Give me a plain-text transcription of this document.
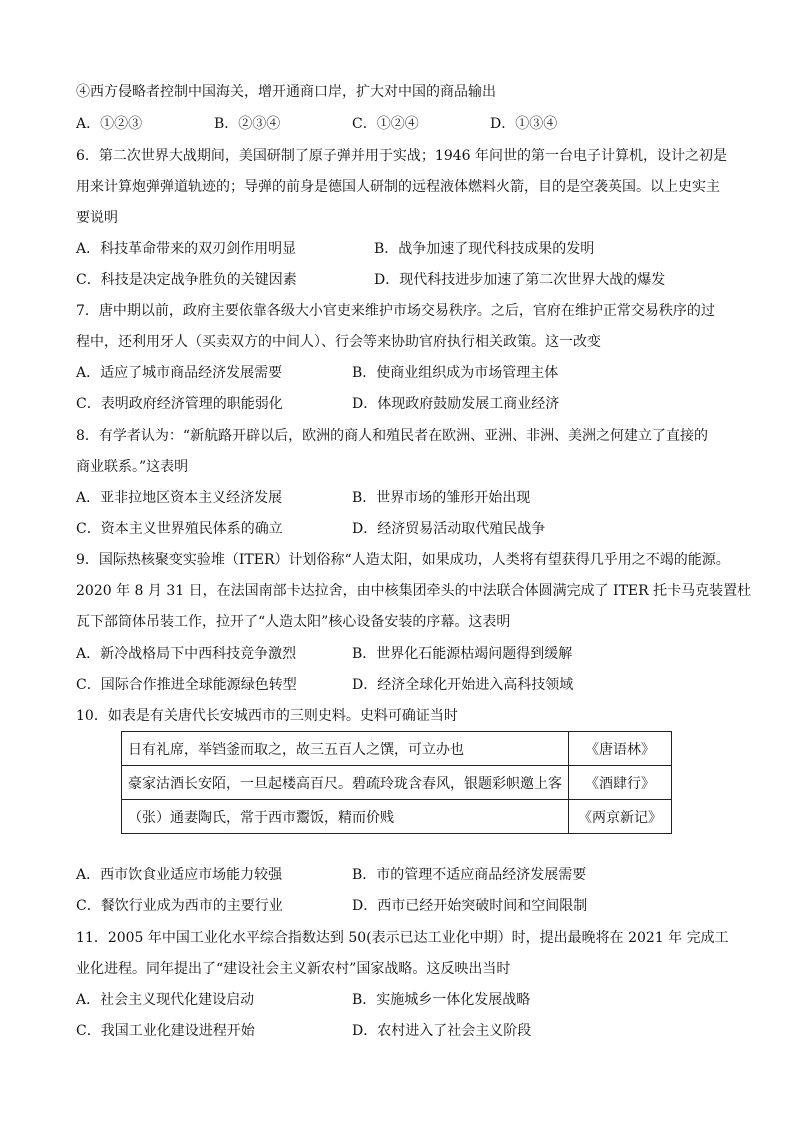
④西方侵略者控制中国海关，增开通商口岸，扩大对中国的商品输出
A．①②③	B．②③④	C．①②④	D．①③④
6．第二次世界大战期间，美国研制了原子弹并用于实战；1946 年问世的第一台电子计算机，设计之初是
用来计算炮弹弹道轨迹的；导弹的前身是德国人研制的远程液体燃料火箭，目的是空袭英国。以上史实主
要说明
A．科技革命带来的双刃剑作用明显	B．战争加速了现代科技成果的发明
C．科技是决定战争胜负的关键因素	D．现代科技进步加速了第二次世界大战的爆发
7．唐中期以前，政府主要依靠各级大小官吏来维护市场交易秩序。之后，官府在维护正常交易秩序的过
程中，还利用牙人（买卖双方的中间人）、行会等来协助官府执行相关政策。这一改变
A．适应了城市商品经济发展需要	B．使商业组织成为市场管理主体
C．表明政府经济管理的职能弱化	D．体现政府鼓励发展工商业经济
8．有学者认为：“新航路开辟以后，欧洲的商人和殖民者在欧洲、亚洲、非洲、美洲之何建立了直接的
商业联系。”这表明
A．亚非拉地区资本主义经济发展	B．世界市场的雏形开始出现
C．资本主义世界殖民体系的确立	D．经济贸易活动取代殖民战争
9．国际热核聚变实验堆（ITER）计划俗称“人造太阳，如果成功，人类将有望获得几乎用之不竭的能源。
2020 年 8 月 31 日，在法国南部卡达拉舍，由中核集团牵头的中法联合体圆满完成了 ITER 托卡马克装置杜
瓦下部筒体吊装工作，拉开了“人造太阳”核心设备安装的序幕。这表明
A．新冷战格局下中西科技竞争激烈	B．世界化石能源枯竭问题得到缓解
C．国际合作推进全球能源绿色转型	D．经济全球化开始进入高科技领域
10．如表是有关唐代长安城西市的三则史料。史料可确证当时
日有礼席，举铛釜而取之，故三五百人之馔，可立办也	《唐语林》
豪家沽酒长安陌，一旦起楼高百尺。碧疏玲珑含春风，银题彩帜邀上客	《酒肆行》
（张）通妻陶氏，常于西市鬻饭，精而价贱	《两京新记》
A．西市饮食业适应市场能力较强	B．市的管理不适应商品经济发展需要
C．餐饮行业成为西市的主要行业	D．西市已经开始突破时间和空间限制
11．2005 年中国工业化水平综合指数达到 50(表示已达工业化中期）时，提出最晚将在 2021 年 完成工
业化进程。同年提出了“建设社会主义新农村”国家战略。这反映出当时
A．社会主义现代化建设启动	B．实施城乡一体化发展战略
C．我国工业化建设进程开始	D．农村进入了社会主义阶段
